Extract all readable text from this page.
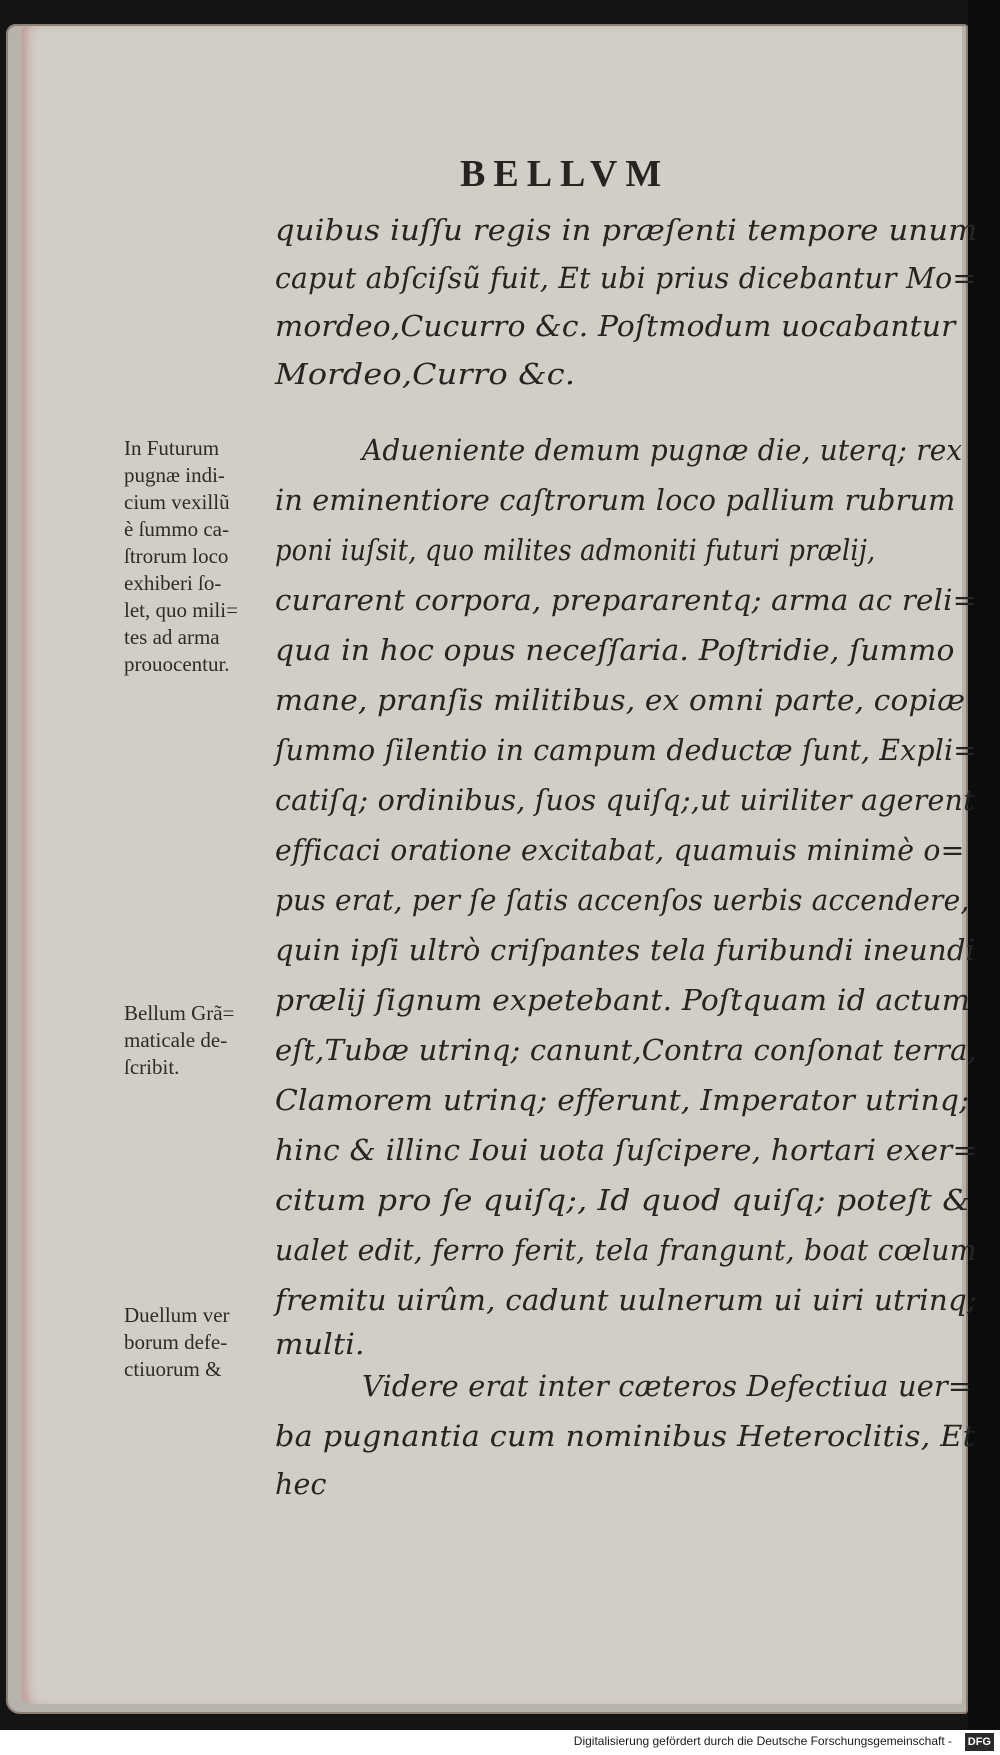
BELLVM

quibus iuſſu regis in præſenti tempore unum

caput abſciſsũ fuit, Et ubi prius dicebantur Mo=

mordeo,Cucurro &c. Poſtmodum uocabantur

Mordeo,Curro &c.

Adueniente demum pugnæ die, uterq; rex

in eminentiore caſtrorum loco pallium rubrum

poni iuſsit, quo milites admoniti futuri prælij,

curarent corpora, prepararentq; arma ac reli=

qua in hoc opus neceſſaria. Poſtridie, ſummo

mane, pranſis militibus, ex omni parte, copiæ

ſummo ſilentio in campum deductæ ſunt, Expli=

catiſq; ordinibus, ſuos quiſq;,ut uiriliter agerent

efficaci oratione excitabat, quamuis minimè o=

pus erat, per ſe ſatis accenſos uerbis accendere,

quin ipſi ultrò criſpantes tela furibundi ineundi

prælij ſignum expetebant. Poſtquam id actum

eſt,Tubæ utrinq; canunt,Contra conſonat terra,

Clamorem utrinq; efferunt, Imperator utrinq;

hinc & illinc Ioui uota ſuſcipere, hortari exer=

citum pro ſe quiſq;, Id quod quiſq; poteſt &

ualet edit, ferro ferit, tela frangunt, boat cœlum

fremitu uirûm, cadunt uulnerum ui uiri utrinq;

multi.

Videre erat inter cæteros Defectiua uer=

ba pugnantia cum nominibus Heteroclitis, Et

hec

In Futurum

pugnæ indi-

cium vexillũ

è ſummo ca-

ſtrorum loco

exhiberi ſo-

let, quo mili=

tes ad arma

prouocentur.

Bellum Grã=

maticale de-

ſcribit.

Duellum ver

borum defe-

ctiuorum &

Digitalisierung gefördert durch die Deutsche Forschungsgemeinschaft - DFG
